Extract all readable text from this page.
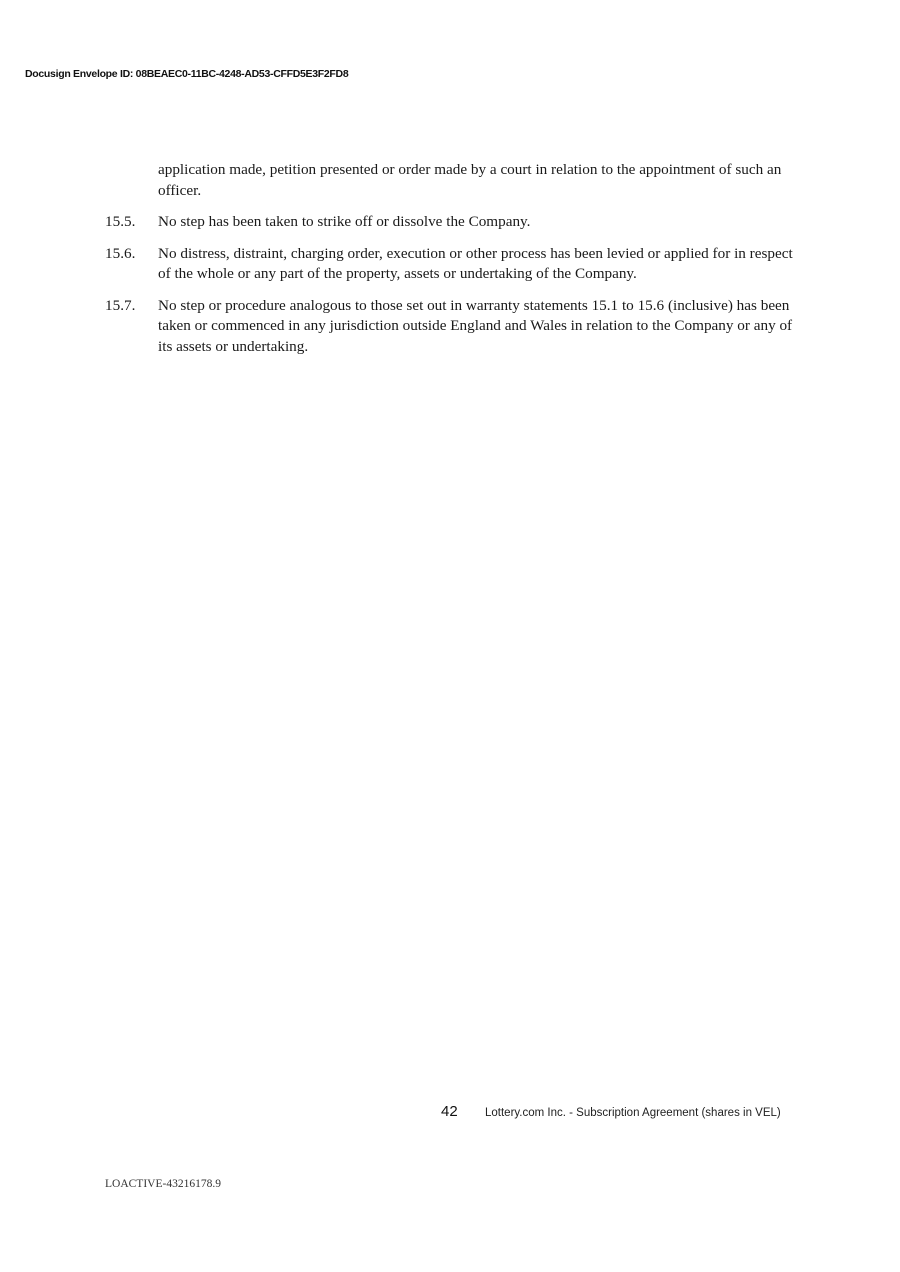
Docusign Envelope ID: 08BEAEC0-11BC-4248-AD53-CFFD5E3F2FD8
application made, petition presented or order made by a court in relation to the appointment of such an officer.
15.5.	No step has been taken to strike off or dissolve the Company.
15.6.	No distress, distraint, charging order, execution or other process has been levied or applied for in respect of the whole or any part of the property, assets or undertaking of the Company.
15.7.	No step or procedure analogous to those set out in warranty statements 15.1 to 15.6 (inclusive) has been taken or commenced in any jurisdiction outside England and Wales in relation to the Company or any of its assets or undertaking.
42	Lottery.com Inc. - Subscription Agreement (shares in VEL)
LOACTIVE-43216178.9
